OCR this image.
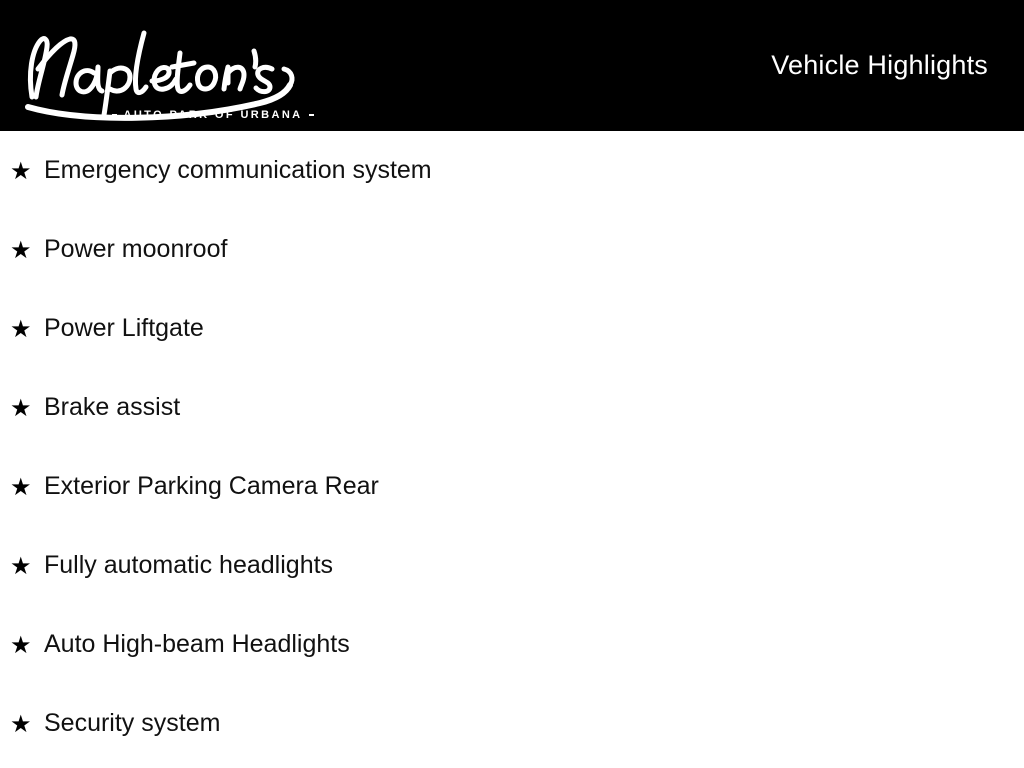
AUTO PARK OF URBANA
Vehicle Highlights
★ Emergency communication system
★ Power moonroof
★ Power Liftgate
★ Brake assist
★ Exterior Parking Camera Rear
★ Fully automatic headlights
★ Auto High-beam Headlights
★ Security system
